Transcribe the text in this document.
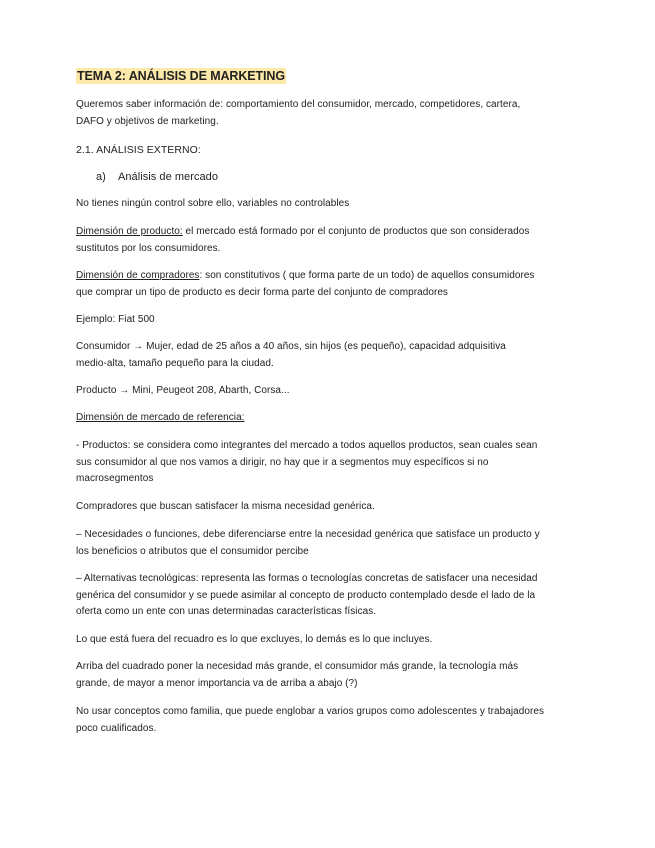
TEMA 2: ANÁLISIS DE MARKETING
Queremos saber información de: comportamiento del consumidor, mercado, competidores, cartera,
DAFO y objetivos de marketing.
2.1. ANÁLISIS EXTERNO:
a) Análisis de mercado
No tienes ningún control sobre ello, variables no controlables
Dimensión de producto: el mercado está formado por el conjunto de productos que son considerados
sustitutos por los consumidores.
Dimensión de compradores: son constitutivos ( que forma parte de un todo) de aquellos consumidores
que comprar un tipo de producto es decir forma parte del conjunto de compradores
Ejemplo: Fiat 500
Consumidor → Mujer, edad de 25 años a 40 años, sin hijos (es pequeño), capacidad adquisitiva
medio-alta, tamaño pequeño para la ciudad.
Producto → Mini, Peugeot 208, Abarth, Corsa...
Dimensión de mercado de referencia:
- Productos: se considera como integrantes del mercado a todos aquellos productos, sean cuales sean
sus consumidor al que nos vamos a dirigir, no hay que ir a segmentos muy específicos si no
macrosegmentos
Compradores que buscan satisfacer la misma necesidad genérica.
– Necesidades o funciones, debe diferenciarse entre la necesidad genérica que satisface un producto y
los beneficios o atributos que el consumidor percibe
– Alternativas tecnológicas: representa las formas o tecnologías concretas de satisfacer una necesidad
genérica del consumidor y se puede asimilar al concepto de producto contemplado desde el lado de la
oferta como un ente con unas determinadas características físicas.
Lo que está fuera del recuadro es lo que excluyes, lo demás es lo que incluyes.
Arriba del cuadrado poner la necesidad más grande, el consumidor más grande, la tecnología más
grande, de mayor a menor importancia va de arriba a abajo (?)
No usar conceptos como familia, que puede englobar a varios grupos como adolescentes y trabajadores
poco cualificados.
